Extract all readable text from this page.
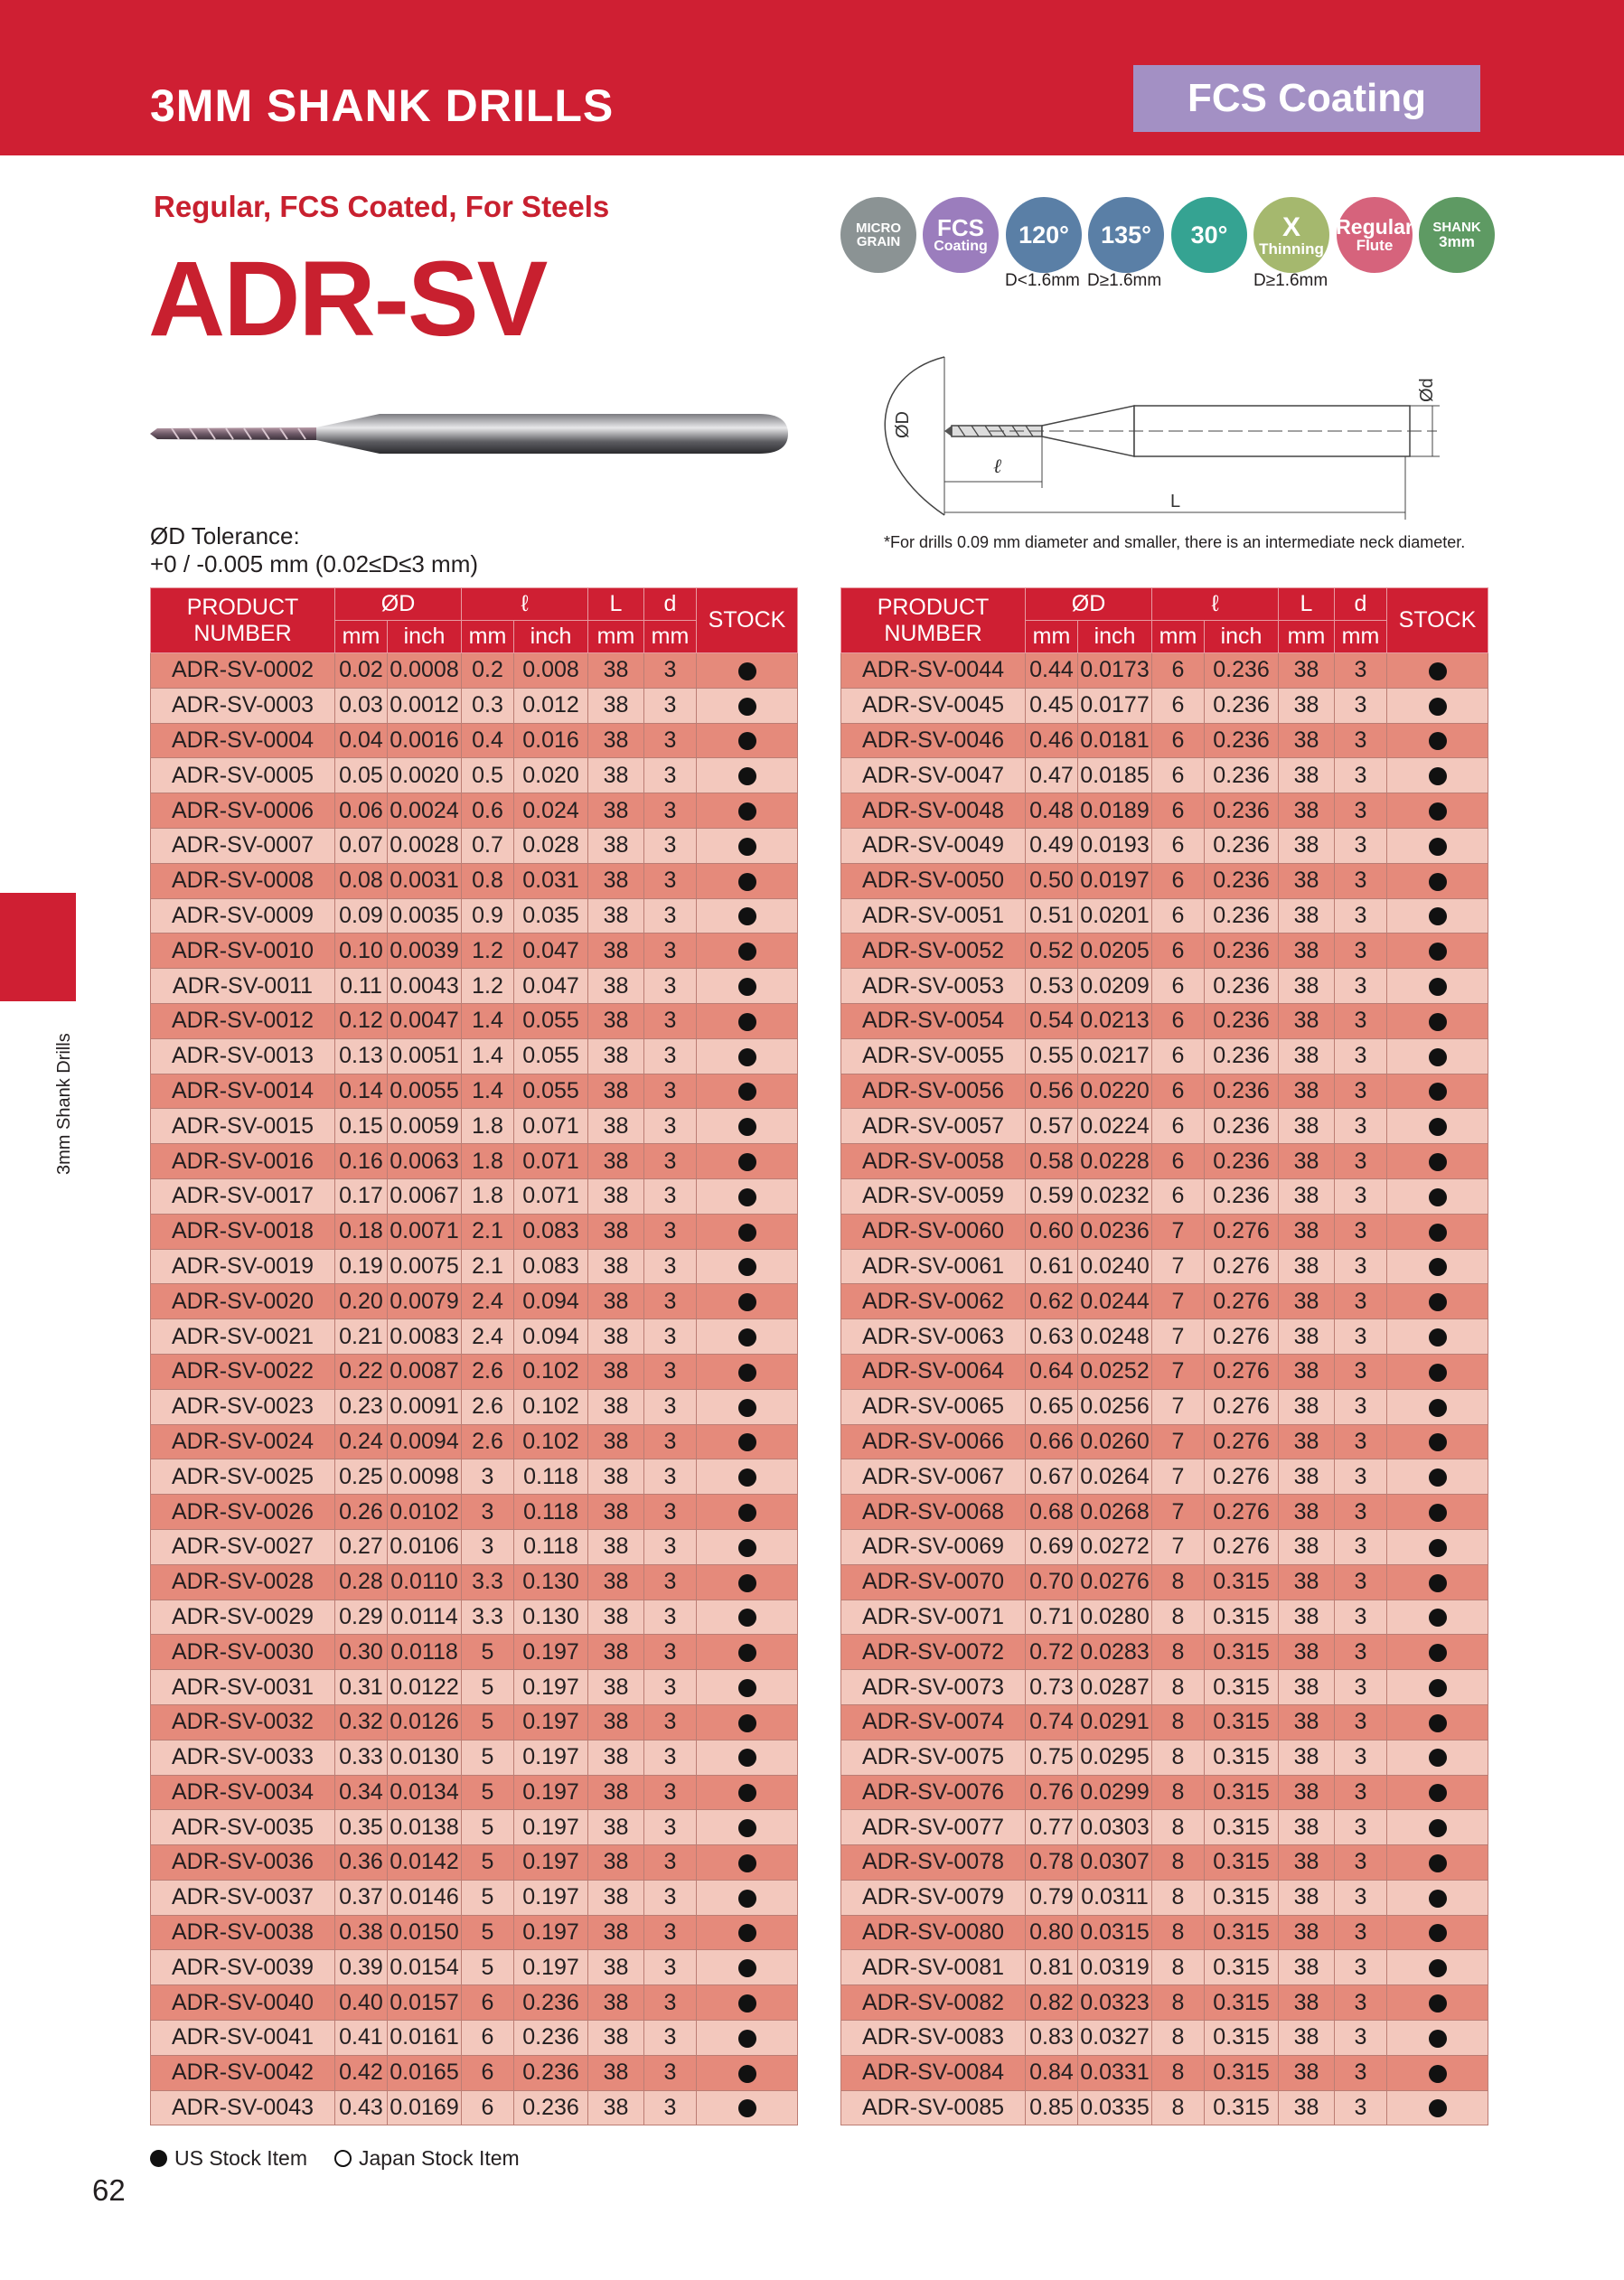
3MM SHANK DRILLS	FCS Coating
Regular, FCS Coated, For Steels
ADR-SV
ØD Tolerance:
+0 / -0.005 mm (0.02≤D≤3 mm)
MICRO
GRAIN
FCS
Coating 120° 135° 30° X
Thinning
Regular
Flute
SHANK
3mm
D<1.6mm D≥1.6mm	D≥1.6mm
ØD
Ød
ℓ
L
*For drills 0.09 mm diameter and smaller, there is an intermediate neck diameter.
3mm Shank Drills
PRODUCT
NUMBER	ØD		ℓ		L	d	STOCK
	mm	inch	mm	inch	mm	mm	
ADR-SV-0002	0.02	0.0008	0.2	0.008	38	3	
ADR-SV-0003	0.03	0.0012	0.3	0.012	38	3	
ADR-SV-0004	0.04	0.0016	0.4	0.016	38	3	
ADR-SV-0005	0.05	0.0020	0.5	0.020	38	3	
ADR-SV-0006	0.06	0.0024	0.6	0.024	38	3	
ADR-SV-0007	0.07	0.0028	0.7	0.028	38	3	
ADR-SV-0008	0.08	0.0031	0.8	0.031	38	3	
ADR-SV-0009	0.09	0.0035	0.9	0.035	38	3	
ADR-SV-0010	0.10	0.0039	1.2	0.047	38	3	
ADR-SV-0011	0.11	0.0043	1.2	0.047	38	3	
ADR-SV-0012	0.12	0.0047	1.4	0.055	38	3	
ADR-SV-0013	0.13	0.0051	1.4	0.055	38	3	
ADR-SV-0014	0.14	0.0055	1.4	0.055	38	3	
ADR-SV-0015	0.15	0.0059	1.8	0.071	38	3	
ADR-SV-0016	0.16	0.0063	1.8	0.071	38	3	
ADR-SV-0017	0.17	0.0067	1.8	0.071	38	3	
ADR-SV-0018	0.18	0.0071	2.1	0.083	38	3	
ADR-SV-0019	0.19	0.0075	2.1	0.083	38	3	
ADR-SV-0020	0.20	0.0079	2.4	0.094	38	3	
ADR-SV-0021	0.21	0.0083	2.4	0.094	38	3	
ADR-SV-0022	0.22	0.0087	2.6	0.102	38	3	
ADR-SV-0023	0.23	0.0091	2.6	0.102	38	3	
ADR-SV-0024	0.24	0.0094	2.6	0.102	38	3	
ADR-SV-0025	0.25	0.0098	3	0.118	38	3	
ADR-SV-0026	0.26	0.0102	3	0.118	38	3	
ADR-SV-0027	0.27	0.0106	3	0.118	38	3	
ADR-SV-0028	0.28	0.0110	3.3	0.130	38	3	
ADR-SV-0029	0.29	0.0114	3.3	0.130	38	3	
ADR-SV-0030	0.30	0.0118	5	0.197	38	3	
ADR-SV-0031	0.31	0.0122	5	0.197	38	3	
ADR-SV-0032	0.32	0.0126	5	0.197	38	3	
ADR-SV-0033	0.33	0.0130	5	0.197	38	3	
ADR-SV-0034	0.34	0.0134	5	0.197	38	3	
ADR-SV-0035	0.35	0.0138	5	0.197	38	3	
ADR-SV-0036	0.36	0.0142	5	0.197	38	3	
ADR-SV-0037	0.37	0.0146	5	0.197	38	3	
ADR-SV-0038	0.38	0.0150	5	0.197	38	3	
ADR-SV-0039	0.39	0.0154	5	0.197	38	3	
ADR-SV-0040	0.40	0.0157	6	0.236	38	3	
ADR-SV-0041	0.41	0.0161	6	0.236	38	3	
ADR-SV-0042	0.42	0.0165	6	0.236	38	3	
ADR-SV-0043	0.43	0.0169	6	0.236	38	3	
PRODUCT
NUMBER	ØD		ℓ		L	d	STOCK
	mm	inch	mm	inch	mm	mm	
ADR-SV-0044	0.44	0.0173	6	0.236	38	3	
ADR-SV-0045	0.45	0.0177	6	0.236	38	3	
ADR-SV-0046	0.46	0.0181	6	0.236	38	3	
ADR-SV-0047	0.47	0.0185	6	0.236	38	3	
ADR-SV-0048	0.48	0.0189	6	0.236	38	3	
ADR-SV-0049	0.49	0.0193	6	0.236	38	3	
ADR-SV-0050	0.50	0.0197	6	0.236	38	3	
ADR-SV-0051	0.51	0.0201	6	0.236	38	3	
ADR-SV-0052	0.52	0.0205	6	0.236	38	3	
ADR-SV-0053	0.53	0.0209	6	0.236	38	3	
ADR-SV-0054	0.54	0.0213	6	0.236	38	3	
ADR-SV-0055	0.55	0.0217	6	0.236	38	3	
ADR-SV-0056	0.56	0.0220	6	0.236	38	3	
ADR-SV-0057	0.57	0.0224	6	0.236	38	3	
ADR-SV-0058	0.58	0.0228	6	0.236	38	3	
ADR-SV-0059	0.59	0.0232	6	0.236	38	3	
ADR-SV-0060	0.60	0.0236	7	0.276	38	3	
ADR-SV-0061	0.61	0.0240	7	0.276	38	3	
ADR-SV-0062	0.62	0.0244	7	0.276	38	3	
ADR-SV-0063	0.63	0.0248	7	0.276	38	3	
ADR-SV-0064	0.64	0.0252	7	0.276	38	3	
ADR-SV-0065	0.65	0.0256	7	0.276	38	3	
ADR-SV-0066	0.66	0.0260	7	0.276	38	3	
ADR-SV-0067	0.67	0.0264	7	0.276	38	3	
ADR-SV-0068	0.68	0.0268	7	0.276	38	3	
ADR-SV-0069	0.69	0.0272	7	0.276	38	3	
ADR-SV-0070	0.70	0.0276	8	0.315	38	3	
ADR-SV-0071	0.71	0.0280	8	0.315	38	3	
ADR-SV-0072	0.72	0.0283	8	0.315	38	3	
ADR-SV-0073	0.73	0.0287	8	0.315	38	3	
ADR-SV-0074	0.74	0.0291	8	0.315	38	3	
ADR-SV-0075	0.75	0.0295	8	0.315	38	3	
ADR-SV-0076	0.76	0.0299	8	0.315	38	3	
ADR-SV-0077	0.77	0.0303	8	0.315	38	3	
ADR-SV-0078	0.78	0.0307	8	0.315	38	3	
ADR-SV-0079	0.79	0.0311	8	0.315	38	3	
ADR-SV-0080	0.80	0.0315	8	0.315	38	3	
ADR-SV-0081	0.81	0.0319	8	0.315	38	3	
ADR-SV-0082	0.82	0.0323	8	0.315	38	3	
ADR-SV-0083	0.83	0.0327	8	0.315	38	3	
ADR-SV-0084	0.84	0.0331	8	0.315	38	3	
ADR-SV-0085	0.85	0.0335	8	0.315	38	3	
US Stock Item Japan Stock Item
62
